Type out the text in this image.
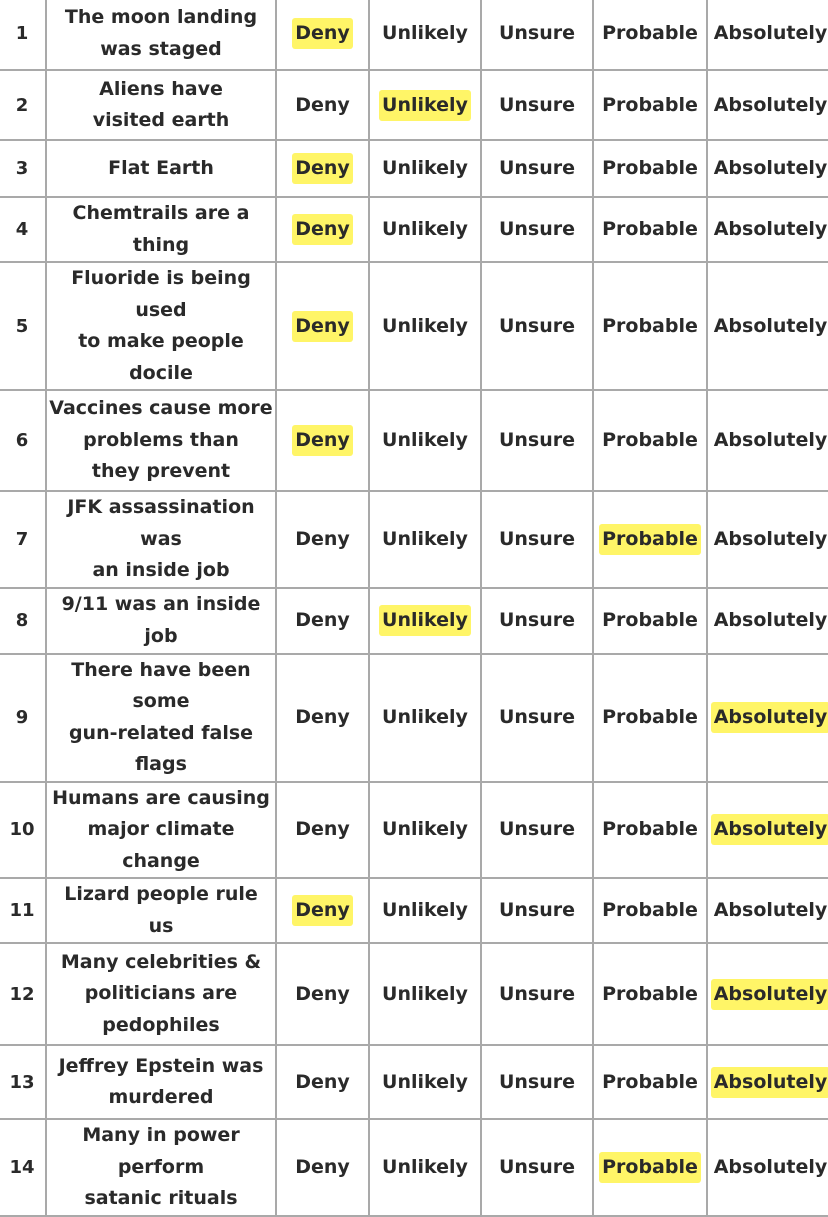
1	The moon landing
was staged	Deny	Unlikely	Unsure	Probable	Absolutely
2	Aliens have
visited earth	Deny	Unlikely	Unsure	Probable	Absolutely
3	Flat Earth	Deny	Unlikely	Unsure	Probable	Absolutely
4	Chemtrails are a thing	Deny	Unlikely	Unsure	Probable	Absolutely
5	Fluoride is being used
to make people docile	Deny	Unlikely	Unsure	Probable	Absolutely
6	Vaccines cause more
problems than
they prevent	Deny	Unlikely	Unsure	Probable	Absolutely
7	JFK assassination was
an inside job	Deny	Unlikely	Unsure	Probable	Absolutely
8	9/11 was an inside job	Deny	Unlikely	Unsure	Probable	Absolutely
9	There have been some
gun-related false flags	Deny	Unlikely	Unsure	Probable	Absolutely
10	Humans are causing
major climate change	Deny	Unlikely	Unsure	Probable	Absolutely
11	Lizard people rule us	Deny	Unlikely	Unsure	Probable	Absolutely
12	Many celebrities &
politicians are
pedophiles	Deny	Unlikely	Unsure	Probable	Absolutely
13	Jeffrey Epstein was
murdered	Deny	Unlikely	Unsure	Probable	Absolutely
14	Many in power perform
satanic rituals	Deny	Unlikely	Unsure	Probable	Absolutely
